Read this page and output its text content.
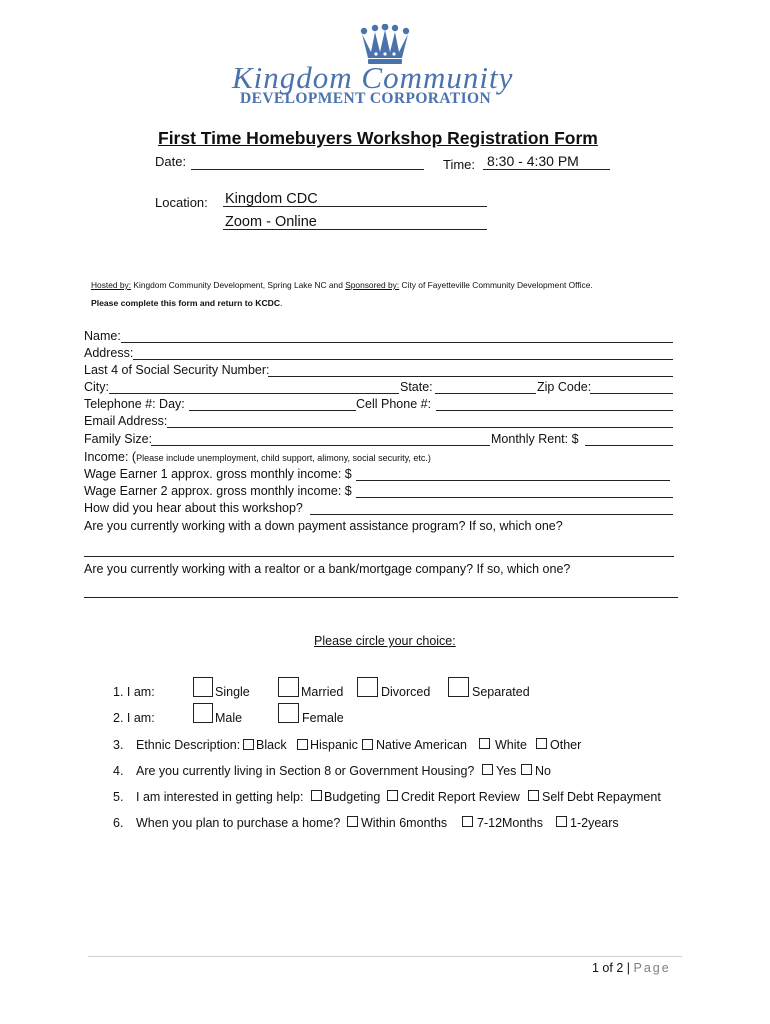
Kingdom Community
DEVELOPMENT CORPORATION
First Time Homebuyers Workshop Registration Form
Date:	Time: 8:30 - 4:30 PM
Location: Kingdom CDC
Zoom - Online
Hosted by: Kingdom Community Development, Spring Lake NC and Sponsored by: City of Fayetteville Community Development Office.
Please complete this form and return to KCDC.
Name:
Address:
Last 4 of Social Security Number:
City:	State:	Zip Code:
Telephone #: Day:	Cell Phone #:
Email Address:
Family Size:	Monthly Rent: $
Income: (Please include unemployment, child support, alimony, social security, etc.)
Wage Earner 1 approx. gross monthly income: $
Wage Earner 2 approx. gross monthly income: $
How did you hear about this workshop?
Are you currently working with a down payment assistance program? If so, which one?
Are you currently working with a realtor or a bank/mortgage company? If so, which one?
Please circle your choice:
1. I am:	Single	Married	Divorced	Separated
2. I am:	Male	Female
3. Ethnic Description: Black Hispanic Native American White Other
4. Are you currently living in Section 8 or Government Housing? Yes No
5. I am interested in getting help: Budgeting Credit Report Review Self Debt Repayment
6. When you plan to purchase a home? Within 6months 7-12Months 1-2years
1 of 2 | Page
